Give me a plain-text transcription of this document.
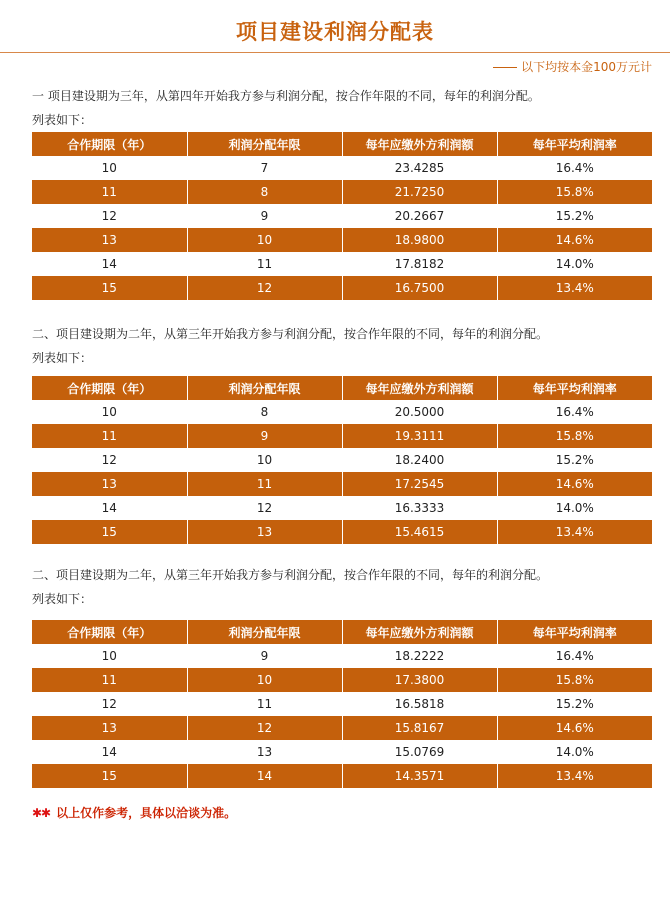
项目建设利润分配表
以下均按本金100万元计
一 项目建设期为三年，从第四年开始我方参与利润分配，按合作年限的不同，每年的利润分配。
列表如下：
合作期限（年）	利润分配年限	每年应缴外方利润额	每年平均利润率
10	7	23.4285	16.4%
11	8	21.7250	15.8%
12	9	20.2667	15.2%
13	10	18.9800	14.6%
14	11	17.8182	14.0%
15	12	16.7500	13.4%
二、项目建设期为二年，从第三年开始我方参与利润分配，按合作年限的不同，每年的利润分配。
列表如下：
合作期限（年）	利润分配年限	每年应缴外方利润额	每年平均利润率
10	8	20.5000	16.4%
11	9	19.3111	15.8%
12	10	18.2400	15.2%
13	11	17.2545	14.6%
14	12	16.3333	14.0%
15	13	15.4615	13.4%
二、项目建设期为二年，从第三年开始我方参与利润分配，按合作年限的不同，每年的利润分配。
列表如下：
合作期限（年）	利润分配年限	每年应缴外方利润额	每年平均利润率
10	9	18.2222	16.4%
11	10	17.3800	15.8%
12	11	16.5818	15.2%
13	12	15.8167	14.6%
14	13	15.0769	14.0%
15	14	14.3571	13.4%
✱✱ 以上仅作参考，具体以洽谈为准。
